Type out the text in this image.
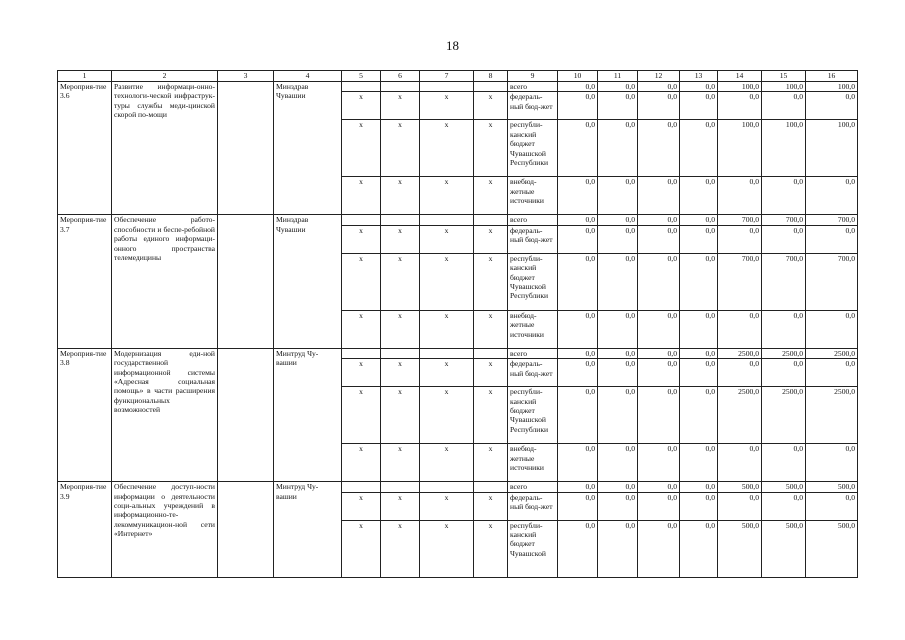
18
1	2	3	4	5	6	7	8	9	10	11	12	13	14	15	16
Мероприя-тие 3.6	Развитие информаци-онно-технологи-ческой инфраструк-туры службы меди-цинской скорой по-мощи		Минздрав Чувашии					всего	0,0	0,0	0,0	0,0	100,0	100,0	100,0
				x	x	x	x	федераль-ный бюд-жет	0,0	0,0	0,0	0,0	0,0	0,0	0,0
				x	x	x	x	республи-канский бюджет Чувашской Республики	0,0	0,0	0,0	0,0	100,0	100,0	100,0
				x	x	x	x	внебюд-жетные источники	0,0	0,0	0,0	0,0	0,0	0,0	0,0
Мероприя-тие 3.7	Обеспечение работо-способности и беспе-ребойной работы единого информаци-онного пространства телемедицины		Минздрав Чувашии					всего	0,0	0,0	0,0	0,0	700,0	700,0	700,0
				x	x	x	x	федераль-ный бюд-жет	0,0	0,0	0,0	0,0	0,0	0,0	0,0
				x	x	x	x	республи-канский бюджет Чувашской Республики	0,0	0,0	0,0	0,0	700,0	700,0	700,0
				x	x	x	x	внебюд-жетные источники	0,0	0,0	0,0	0,0	0,0	0,0	0,0
Мероприя-тие 3.8	Модернизация еди-ной государственной информационной системы «Адресная социальная помощь» в части расширения функциональных возможностей		Минтруд Чу-вашии					всего	0,0	0,0	0,0	0,0	2500,0	2500,0	2500,0
				x	x	x	x	федераль-ный бюд-жет	0,0	0,0	0,0	0,0	0,0	0,0	0,0
				x	x	x	x	республи-канский бюджет Чувашской Республики	0,0	0,0	0,0	0,0	2500,0	2500,0	2500,0
				x	x	x	x	внебюд-жетные источники	0,0	0,0	0,0	0,0	0,0	0,0	0,0
Мероприя-тие 3.9	Обеспечение доступ-ности информации о деятельности соци-альных учреждений в информационно-те-лекоммуникацион-ной сети «Интернет»		Минтруд Чу-вашии					всего	0,0	0,0	0,0	0,0	500,0	500,0	500,0
				x	x	x	x	федераль-ный бюд-жет	0,0	0,0	0,0	0,0	0,0	0,0	0,0
				x	x	x	x	республи-канский бюджет Чувашской	0,0	0,0	0,0	0,0	500,0	500,0	500,0
